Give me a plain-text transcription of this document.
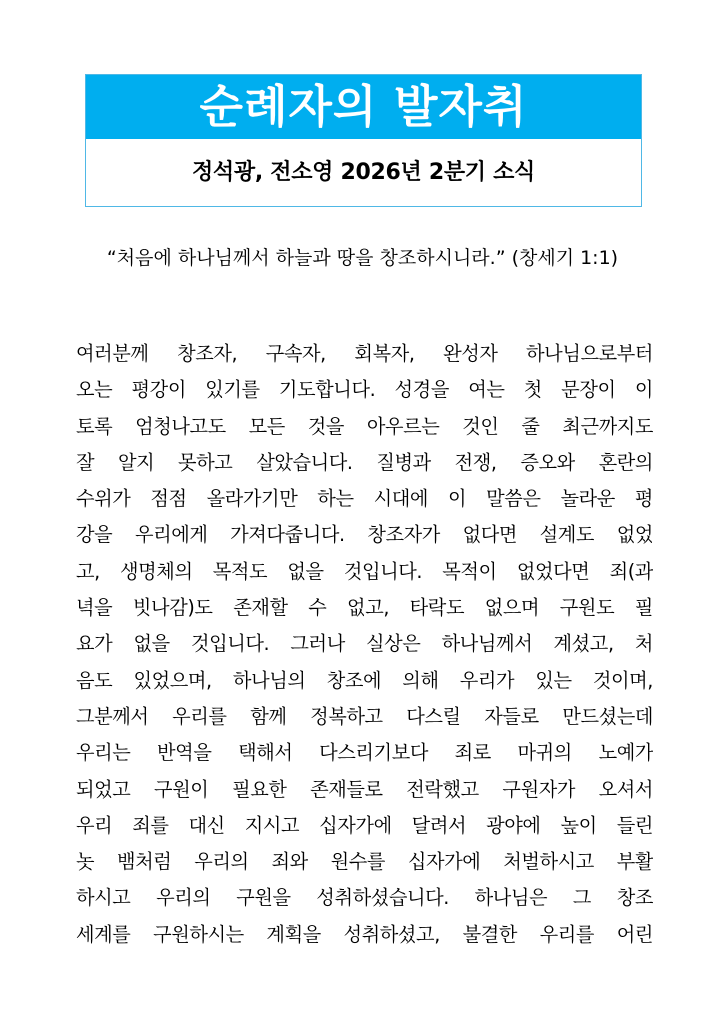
순례자의 발자취
정석광, 전소영 2026년 2분기 소식
“처음에 하나님께서 하늘과 땅을 창조하시니라.” (창세기 1:1)
여러분께 창조자, 구속자, 회복자, 완성자 하나님으로부터
오는 평강이 있기를 기도합니다. 성경을 여는 첫 문장이 이
토록 엄청나고도 모든 것을 아우르는 것인 줄 최근까지도
잘 알지 못하고 살았습니다. 질병과 전쟁, 증오와 혼란의
수위가 점점 올라가기만 하는 시대에 이 말씀은 놀라운 평
강을 우리에게 가져다줍니다. 창조자가 없다면 설계도 없었
고, 생명체의 목적도 없을 것입니다. 목적이 없었다면 죄(과
녁을 빗나감)도 존재할 수 없고, 타락도 없으며 구원도 필
요가 없을 것입니다. 그러나 실상은 하나님께서 계셨고, 처
음도 있었으며, 하나님의 창조에 의해 우리가 있는 것이며,
그분께서 우리를 함께 정복하고 다스릴 자들로 만드셨는데
우리는 반역을 택해서 다스리기보다 죄로 마귀의 노예가
되었고 구원이 필요한 존재들로 전락했고 구원자가 오셔서
우리 죄를 대신 지시고 십자가에 달려서 광야에 높이 들린
놋 뱀처럼 우리의 죄와 원수를 십자가에 처벌하시고 부활
하시고 우리의 구원을 성취하셨습니다. 하나님은 그 창조
세계를 구원하시는 계획을 성취하셨고, 불결한 우리를 어린
